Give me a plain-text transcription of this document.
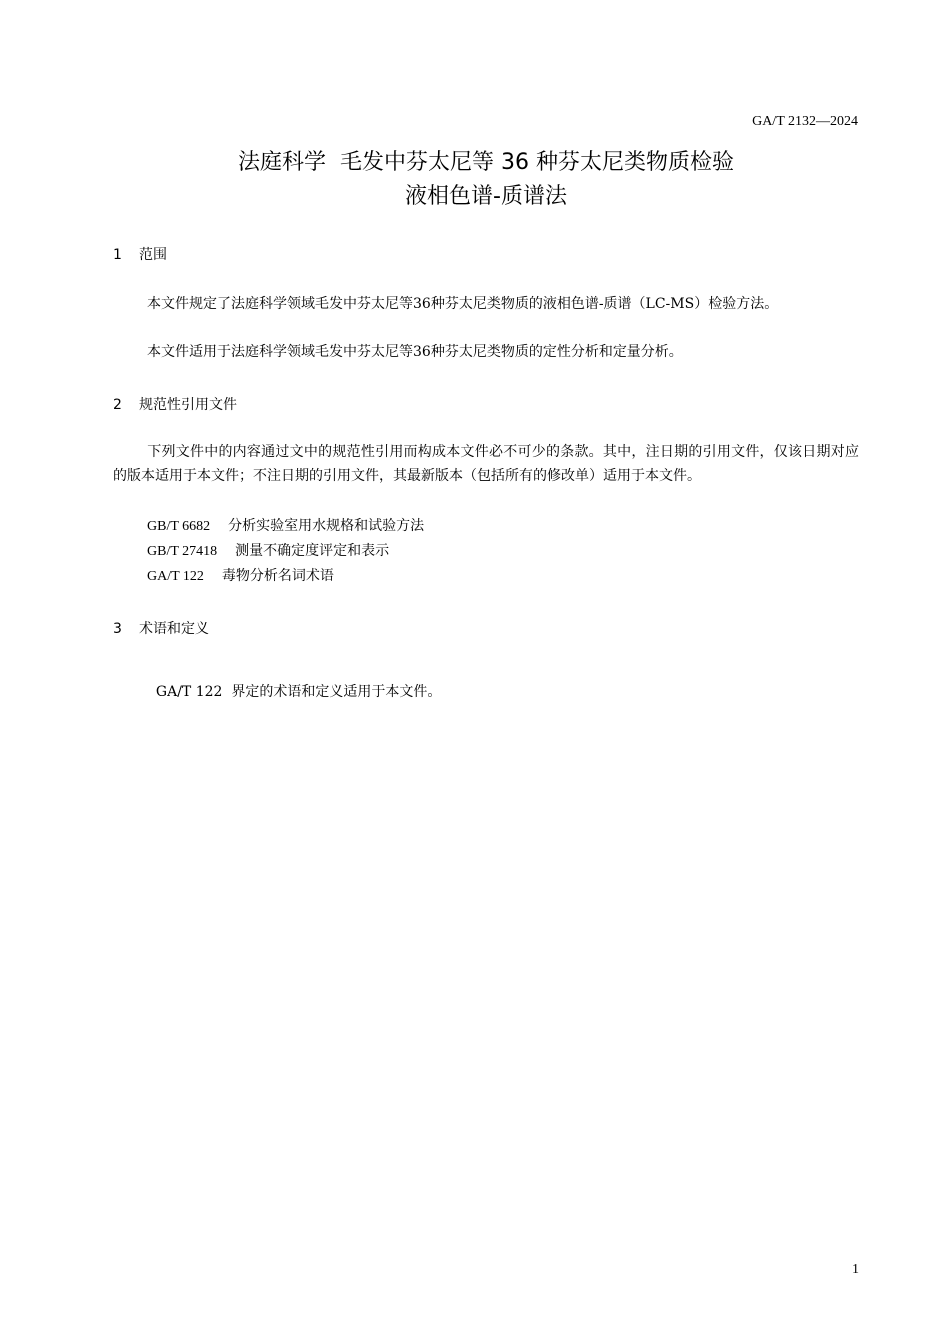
GA/T 2132—2024
法庭科学  毛发中芬太尼等 36 种芬太尼类物质检验
液相色谱-质谱法
1 范围
本文件规定了法庭科学领域毛发中芬太尼等36种芬太尼类物质的液相色谱-质谱（LC-MS）检验方法。
本文件适用于法庭科学领域毛发中芬太尼等36种芬太尼类物质的定性分析和定量分析。
2 规范性引用文件
下列文件中的内容通过文中的规范性引用而构成本文件必不可少的条款。其中，注日期的引用文件，仅该日期对应的版本适用于本文件；不注日期的引用文件，其最新版本（包括所有的修改单）适用于本文件。
GB/T 6682 分析实验室用水规格和试验方法
GB/T 27418 测量不确定度评定和表示
GA/T 122 毒物分析名词术语
3 术语和定义

GA/T 122  界定的术语和定义适用于本文件。

1
